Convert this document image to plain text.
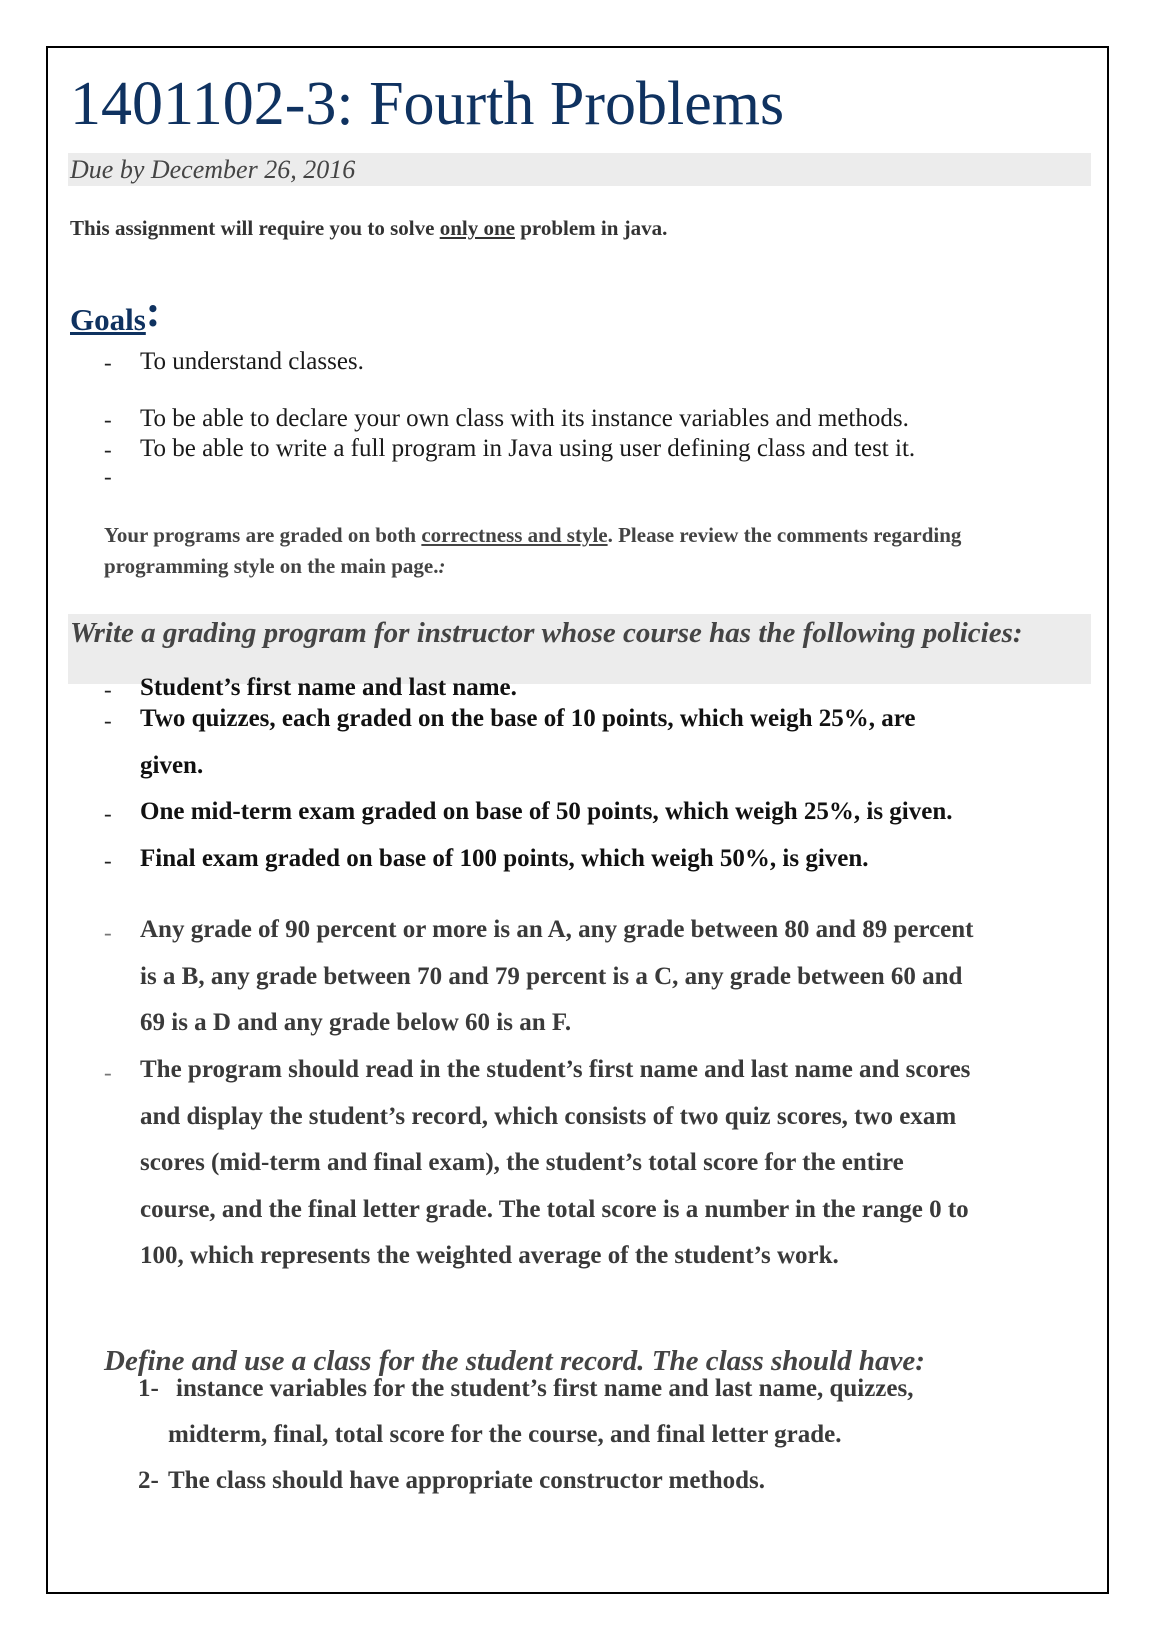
1401102-3: Fourth Problems
Due by December 26, 2016
This assignment will require you to solve only one problem in java.
Goals:
- To understand classes.
- To be able to declare your own class with its instance variables and methods.
- To be able to write a full program in Java using user defining class and test it.
-
Your programs are graded on both correctness and style. Please review the comments regarding programming style on the main page.:
Write a grading program for instructor whose course has the following policies:
- Student’s first name and last name.
- Two quizzes, each graded on the base of 10 points, which weigh 25%, are
given.
- One mid-term exam graded on base of 50 points, which weigh 25%, is given.
- Final exam graded on base of 100 points, which weigh 50%, is given.
- Any grade of 90 percent or more is an A, any grade between 80 and 89 percent
is a B, any grade between 70 and 79 percent is a C, any grade between 60 and
69 is a D and any grade below 60 is an F.
- The program should read in the student’s first name and last name and scores
and display the student’s record, which consists of two quiz scores, two exam
scores (mid-term and final exam), the student’s total score for the entire
course, and the final letter grade. The total score is a number in the range 0 to
100, which represents the weighted average of the student’s work.
Define and use a class for the student record. The class should have:
1- instance variables for the student’s first name and last name, quizzes,
midterm, final, total score for the course, and final letter grade.
2- The class should have appropriate constructor methods.
